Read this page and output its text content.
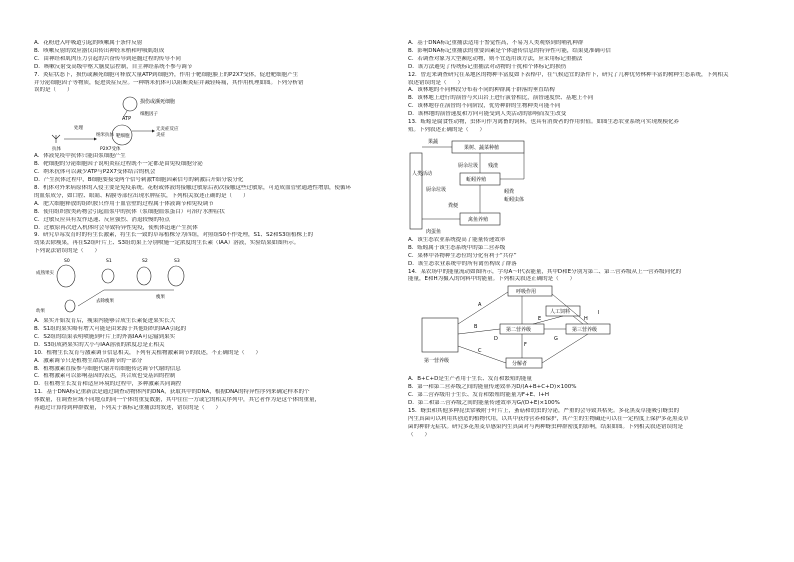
A．花粉进入呼吸道引起的咳嗽属于条件反射
B．咳嗽反射的效应器仅由传出神经末梢和呼吸肌组成
C．由神经和肌肉压力引起的兴奋传导到延髓过程的传导不同
D．咳嗽反射受高级中枢大脑皮层控制，自主神经系统不参与调节
7．炎症状态下，损伤或濒死细胞可释放大量ATP到细胞外，作用于靶细胞膜上的P2X7受体，促进靶细胞产生
并分泌细胞因子等物质，促进炎症反应。一种纳米抗体可以阻断炎症并减轻疼痛，其作用机理如图。下列分析错
误的是（　　）
损伤或濒死细胞
ATP
靶细胞
细胞因子
无炎症反应
炎症
处理
纳米抗体
P2X7受体
抗体
A．体液免疫中抗体只能由浆细胞产生
B．靶细胞的分泌细胞因子说明炎症过程既不一定都是由免疫细胞分泌
C．纳米抗体可以减少ATP与P2X7受体结合的机会
D．产生抗体过程中，B细胞要接受两个信号刺激T细胞因素信号的刺激后开始分裂分化
8．机体对外来病原体的入侵主要是免疫系统。花粉或体液的接触过敏原后初次接触这些过敏原，可造成血管壁通透性增加，使循环
的血浆成分，如口腔、眼睛、粘膜等部位出现水肿症状，下列相关叙述正确的是（　　）
A．肥大细胞释放的组织胺只作用于血管壁的过程属于体液调节和免疫调节
B．使用组织胺类药物会引起血浆中的抗体（浆细胞血浆蛋白）可治疗水肿症状
C．过敏反应具有发作迅速、反应强烈、消退较慢的特点
D．过敏原再次进入机体时会导致特异性免疫，使机体迅速产生抗体
9．研究草莓发育时的有生长激素，将生长一致的草莓植株分为四组，对照组S0不作处理，S1、S2和S3组植株上的
幼果去除瘦果，再在S2组叶片上、S3组幼果上分别喷施一定浓度的生长素（IAA）溶液，实验结果如图所示。
下列说法错误的是（　　）
S0	S1	S2	S3
成熟果实
幼果
去除瘦果
瘦果
A．果实开始发育后，瘦果内能够合成生长素促进果实长大
B．S1组的果实略有增大可能是由来源于其他组织的IAA引起的
C．S2组的结果表明喷施到叶片上的外源IAA可运输到果实
D．S3组成熟果实的大小与IAA溶液的浓度总是正相关
10．植物生长发育与激素调节信息相关，下列有关植物激素调节的叙述，不正确的是（　　）
A．激素调节只是植物生命活动调节的一部分
B．植物激素直接参与细胞代谢并给细胞传达调节代谢的信息
C．植物激素可以影响基因的表达，其合成也受基因的控制
D．在植物生长发育和适应环境的过程中，多种激素共同调控
11．基于DNA标记重新法是通过调查动物体内的DNA，获取其中的DNA，根据DNA的特异性序列来确定样本的个
体数量，在调查应域不同地点的同一个体的重复数据，其中往往一方或它的相关序列中，其它者作为是这个体的重量，
再通过计算得到种群数量，下列关于该标记重捕法的叙述，错误的是（　　）
A．基于DNA标记重捕法适用于警觉性高，不易为人类观察到的哺乳种群
B．影响DNA标记重捕法的重要因素是个体遗传信息的特异性可能，结果更准确可信
C．若调查对象为大型濒危动物，则不宜选用该方法，应采用标记重捕法
D．该方法避免了传统标记重捕法对动物的干扰和个体标记的损伤
12．曾近来调查研究在某地区的物种丰富度如下表格中，在气候适宜的条件下，研究了几种优势林种丰富的树种生态系统，下列相关
叙述错误的是（　　）
A．该林地的不同林段分布着不同的种群属于群落的垂直结构
B．该林地上进行的演替与火山岩上进行演替相比，演替速度快、基地上不同
C．该林地存在演替的不同阶段，优势种群的生物种类可能不同
D．该林地的演替速度和方向可能受到人类活动的影响而发生改变
13．蚯蚓是腐食性动物，虫体可作为禽畜的饲料，也具有消费者的作用价值。如图生态农业系统可实现规模化养
殖。下列叙述正确的是（　　）
人类活动
果蔬
果树、蔬菜种植
厨余垃圾 残渣
蚯蚓养殖
厨余垃圾	蚓粪
蚯蚓虫体
粪便
禽鱼养殖
肉蛋鱼
A．该生态农业系统提高了能量传递效率
B．蚯蚓属于该生态系统中的第二营养级
C．果林中各物种生态位的分化有利于“共存”
D．该生态农业系统中的所有禽鱼构成了群落
14．某农场中的能量流动如图所示，字母A～I代表能量，其中D和E分别为第二、第三营养级从上一营养级同化的
能量，E和H为摄入的饲料中的能量。下列相关叙述正确的是（　　）
呼吸作用
人工饲料
第一营养级
第二营养级	第三营养级
分解者
A
B
C
D
E
F
G
H
I
A．B+C+D是生产者用于生长、发育和繁殖的能量
B．第一和第二营养级之间的能量传递效率为D/(A+B+C+D)×100%
C．第二营养级用于生长、发育和繁殖的能量为F+E、I+H
D．第二和第三营养级之间的能量传递效率为G/(D+E)×100%
15．蚜虫和其他多种昆虫常吸附于叶片上，蚤菇和幼虫的分泌，严重的会导致其枯死。多花黑麦草能吸引蚜虫的
内生真菌可以利用其创造的植物代用，以其中获得营养和保护，其产生的生物碱还可以在一定程度上保护多花黑麦草
菌的种群无症状。研究多花黑麦草感染内生真菌对与两种蚜虫种群密度的影响，结果如图。下列相关叙述错误的是
（　　）
